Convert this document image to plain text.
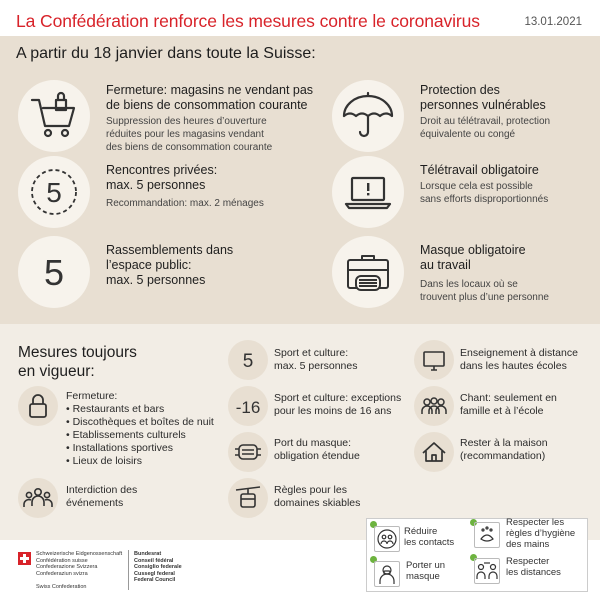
La Confédération renforce les mesures contre le coronavirus	13.01.2021
A partir du 18 janvier dans toute la Suisse:
Fermeture: magasins ne vendant pas
de biens de consommation courante
Suppression des heures d’ouverture
réduites pour les magasins vendant
des biens de consommation courante
Protection des
personnes vulnérables
Droit au télétravail, protection
équivalente ou congé
5
Rencontres privées:
max. 5 personnes
Recommandation: max. 2 ménages
Télétravail obligatoire
Lorsque cela est possible
sans efforts disproportionnés
5
Rassemblements dans
l’espace public:
max. 5 personnes
Masque obligatoire
au travail
Dans les locaux où se
trouvent plus d’une personne
Mesures toujours
en vigueur:
Fermeture:
• Restaurants et bars
• Discothèques et boîtes de nuit
• Etablissements culturels
• Installations sportives
• Lieux de loisirs
Interdiction des
événements
5 Sport et culture:
max. 5 personnes
-16 Sport et culture: exceptions
pour les moins de 16 ans
Port du masque:
obligation étendue
Règles pour les
domaines skiables
Enseignement à distance
dans les hautes écoles
Chant: seulement en
famille et à l’école
Rester à la maison
(recommandation)
Schweizerische Eidgenossenschaft
Confédération suisse
Confederazione Svizzera
Confederaziun svizra
Swiss Confederation
Bundesrat
Conseil fédéral
Consiglio federale
Cussegl federal
Federal Council
Réduire
les contacts
Respecter les
règles d’hygiène
des mains
Porter un
masque
Respecter
les distances
